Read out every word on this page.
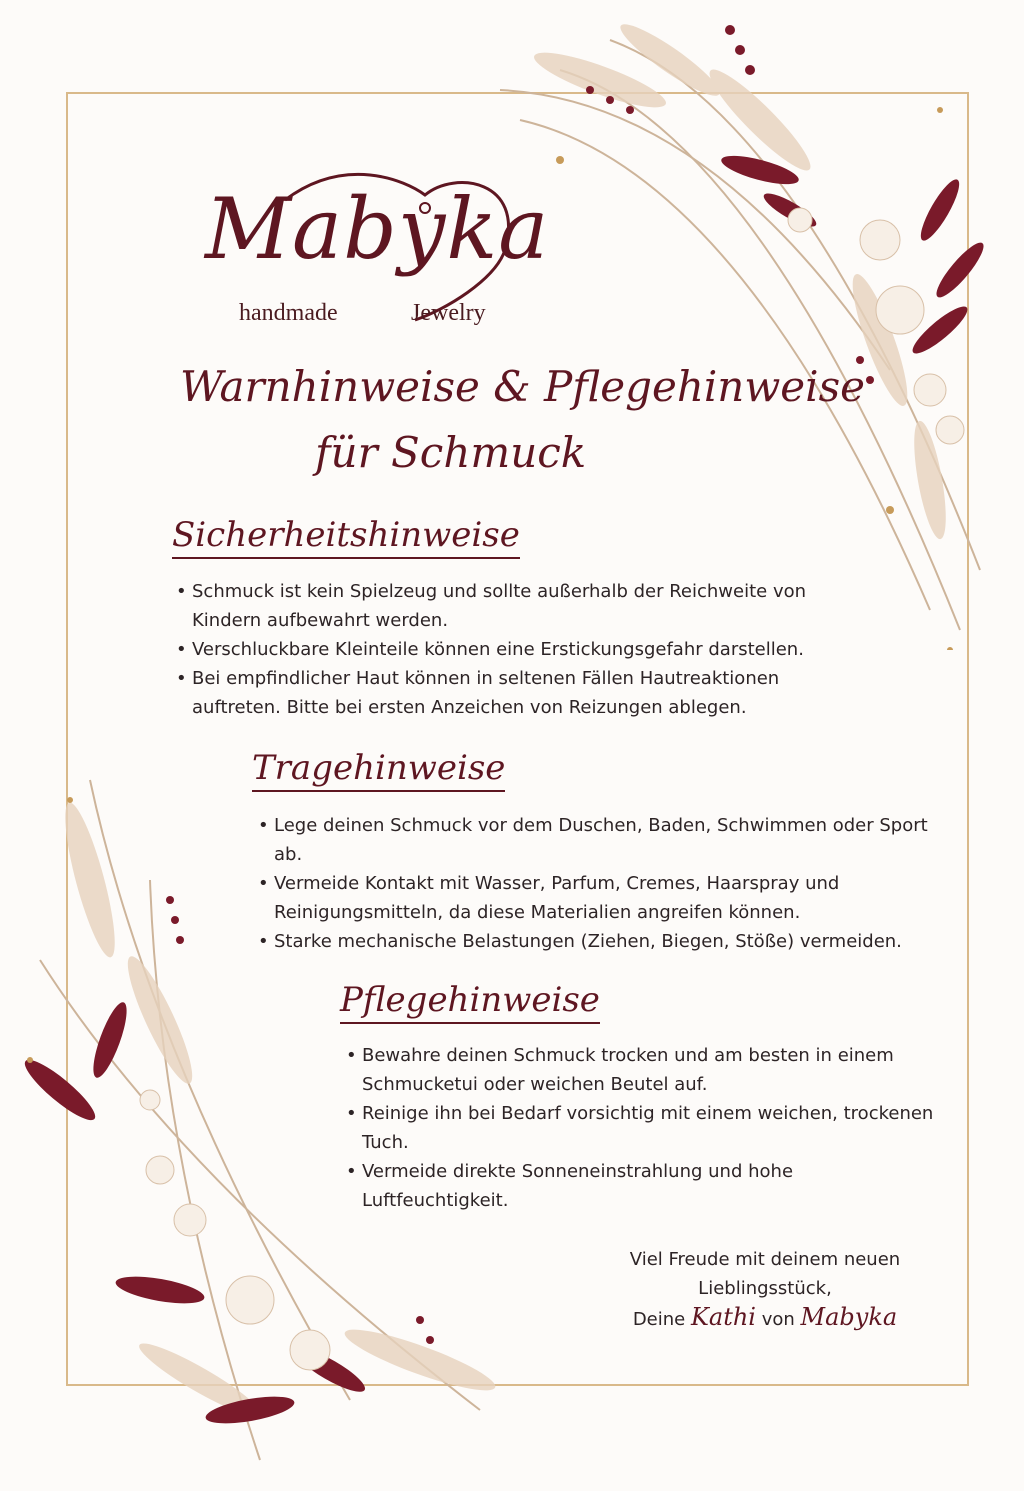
Mabyka
handmade	Jewelry
Warnhinweise & Pflegehinweise
für Schmuck
Sicherheitshinweise
• Schmuck ist kein Spielzeug und sollte außerhalb der Reichweite von Kindern aufbewahrt werden.
• Verschluckbare Kleinteile können eine Erstickungsgefahr darstellen.
• Bei empfindlicher Haut können in seltenen Fällen Hautreaktionen auftreten. Bitte bei ersten Anzeichen von Reizungen ablegen.
Tragehinweise
• Lege deinen Schmuck vor dem Duschen, Baden, Schwimmen oder Sport ab.
• Vermeide Kontakt mit Wasser, Parfum, Cremes, Haarspray und Reinigungsmitteln, da diese Materialien angreifen können.
• Starke mechanische Belastungen (Ziehen, Biegen, Stöße) vermeiden.
Pflegehinweise
• Bewahre deinen Schmuck trocken und am besten in einem Schmucketui oder weichen Beutel auf.
• Reinige ihn bei Bedarf vorsichtig mit einem weichen, trockenen Tuch.
• Vermeide direkte Sonneneinstrahlung und hohe Luftfeuchtigkeit.
Viel Freude mit deinem neuen
Lieblingsstück,
Deine Kathi von Mabyka
